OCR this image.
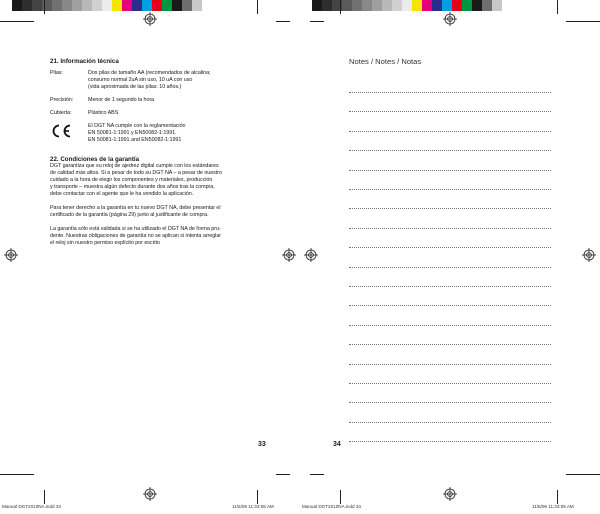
21. Información técnica

Pilas:	Dos pilas de tamaño AA (recomendados de alcalina;
consumo normal 2uA sin uso, 10 uA con uso
(vida aproximada de las pilas: 10 años.)
Precisión:	Menor de 1 segundo la hora
Cubierta:	Plástico ABS
El DGT NA cumple con la reglamentación
EN 50081-1:1991 y EN50082-1:1991.
EN 50081-1:1991 and EN50082-1:1991

22. Condiciones de la garantía

DGT garantiza que su reloj de ajedrez digital cumple con los estándares
de calidad más altos. Si a pesar de todo su DGT NA – a pesar de nuestro
cuidado a la hora de elegir los componentes y materiales, producción
y transporte – muestra algún defecto durante dos años tras la compra,
debe contactar con el agente que le ha vendido la aplicación.
Para tener derecho a la garantía en tu nuevo DGT NA, debe presentar el
certificado de la garantía (página 29) junto al justificante de compra.
La garantía sólo está validada si se ha utilizado el DGT NA de forma pru-
dente. Nuestras obligaciones de garantía no se aplican si intenta arreglar
el reloj sin nuestro permiso explícito por escrito
33
Notes / Notes / Notas
34
Manual DGT2010NA.indd 33	11/5/09 11:33:06 AM	Manual DGT2010NA.indd 34	11/5/09 11:33:06 AM
